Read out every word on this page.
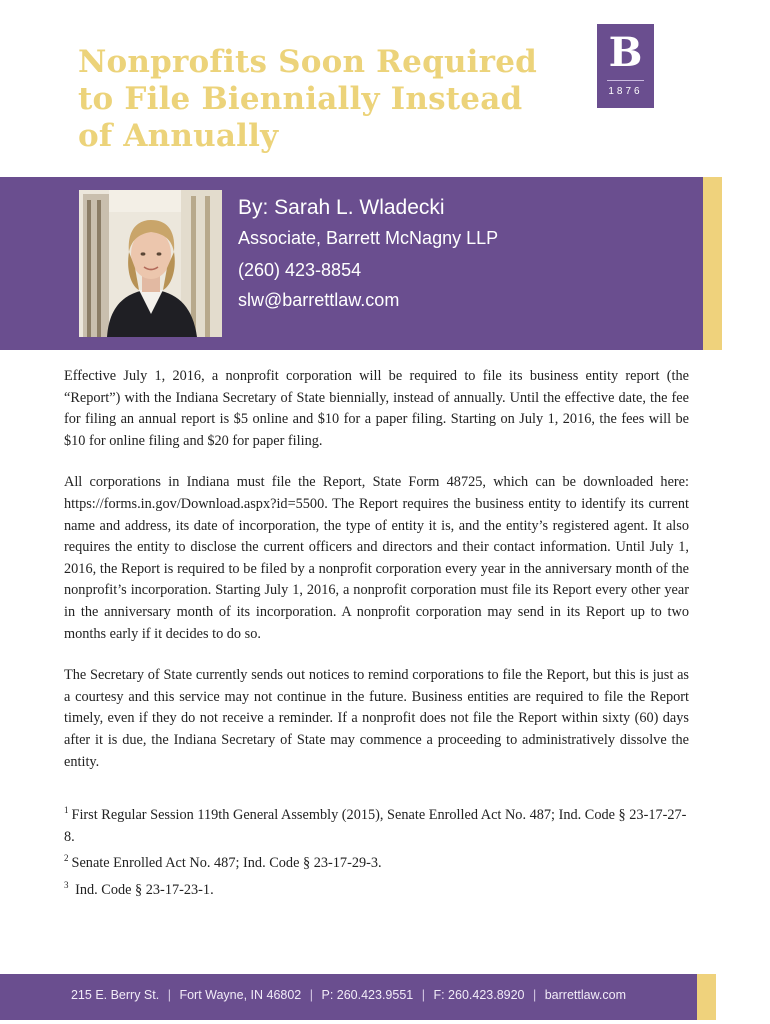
Nonprofits Soon Required to File Biennially Instead of Annually
B
1876
By: Sarah L. Wladecki
Associate, Barrett McNagny LLP
(260) 423-8854
slw@barrettlaw.com

Effective July 1, 2016, a nonprofit corporation will be required to file its business entity report (the “Report”) with the Indiana Secretary of State biennially, instead of annually. Until the effective date, the fee for filing an annual report is $5 online and $10 for a paper filing. Starting on July 1, 2016, the fees will be $10 for online filing and $20 for paper filing.

All corporations in Indiana must file the Report, State Form 48725, which can be downloaded here: https://forms.in.gov/Download.aspx?id=5500. The Report requires the business entity to identify its current name and address, its date of incorporation, the type of entity it is, and the entity’s registered agent. It also requires the entity to disclose the current officers and directors and their contact information. Until July 1, 2016, the Report is required to be filed by a nonprofit corporation every year in the anniversary month of the nonprofit’s incorporation. Starting July 1, 2016, a nonprofit corporation must file its Report every other year in the anniversary month of its incorporation. A nonprofit corporation may send in its Report up to two months early if it decides to do so.

The Secretary of State currently sends out notices to remind corporations to file the Report, but this is just as a courtesy and this service may not continue in the future. Business entities are required to file the Report timely, even if they do not receive a reminder. If a nonprofit does not file the Report within sixty (60) days after it is due, the Indiana Secretary of State may commence a proceeding to administratively dissolve the entity.

$^1$ First Regular Session 119th General Assembly (2015), Senate Enrolled Act No. 487; Ind. Code § 23-17-27-8.

$^2$ Senate Enrolled Act No. 487; Ind. Code § 23-17-29-3.

$^3$ Ind. Code § 23-17-23-1.

215 E. Berry St. | Fort Wayne, IN 46802 | P: 260.423.9551 | F: 260.423.8920 | barrettlaw.com
